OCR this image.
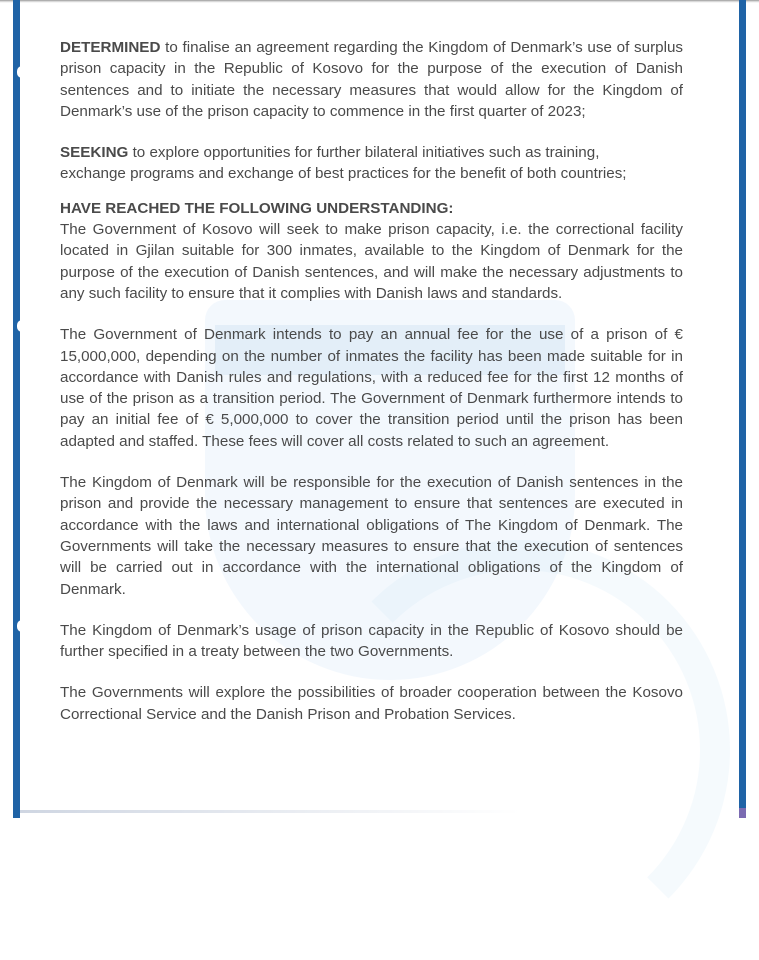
DETERMINED to finalise an agreement regarding the Kingdom of Denmark’s use of surplus prison capacity in the Republic of Kosovo for the purpose of the execution of Danish sentences and to initiate the necessary measures that would allow for the Kingdom of Denmark’s use of the prison capacity to commence in the first quarter of 2023;

SEEKING to explore opportunities for further bilateral initiatives such as training,
exchange programs and exchange of best practices for the benefit of both countries;

HAVE REACHED THE FOLLOWING UNDERSTANDING:

The Government of Kosovo will seek to make prison capacity, i.e. the correctional facility located in Gjilan suitable for 300 inmates, available to the Kingdom of Denmark for the purpose of the execution of Danish sentences, and will make the necessary adjustments to any such facility to ensure that it complies with Danish laws and standards.

The Government of Denmark intends to pay an annual fee for the use of a prison of € 15,000,000, depending on the number of inmates the facility has been made suitable for in accordance with Danish rules and regulations, with a reduced fee for the first 12 months of use of the prison as a transition period. The Government of Denmark furthermore intends to pay an initial fee of € 5,000,000 to cover the transition period until the prison has been adapted and staffed. These fees will cover all costs related to such an agreement.

The Kingdom of Denmark will be responsible for the execution of Danish sentences in the prison and provide the necessary management to ensure that sentences are executed in accordance with the laws and international obligations of The Kingdom of Denmark. The Governments will take the necessary measures to ensure that the execution of sentences will be carried out in accordance with the international obligations of the Kingdom of Denmark.

The Kingdom of Denmark’s usage of prison capacity in the Republic of Kosovo should be further specified in a treaty between the two Governments.

The Governments will explore the possibilities of broader cooperation between the Kosovo Correctional Service and the Danish Prison and Probation Services.
